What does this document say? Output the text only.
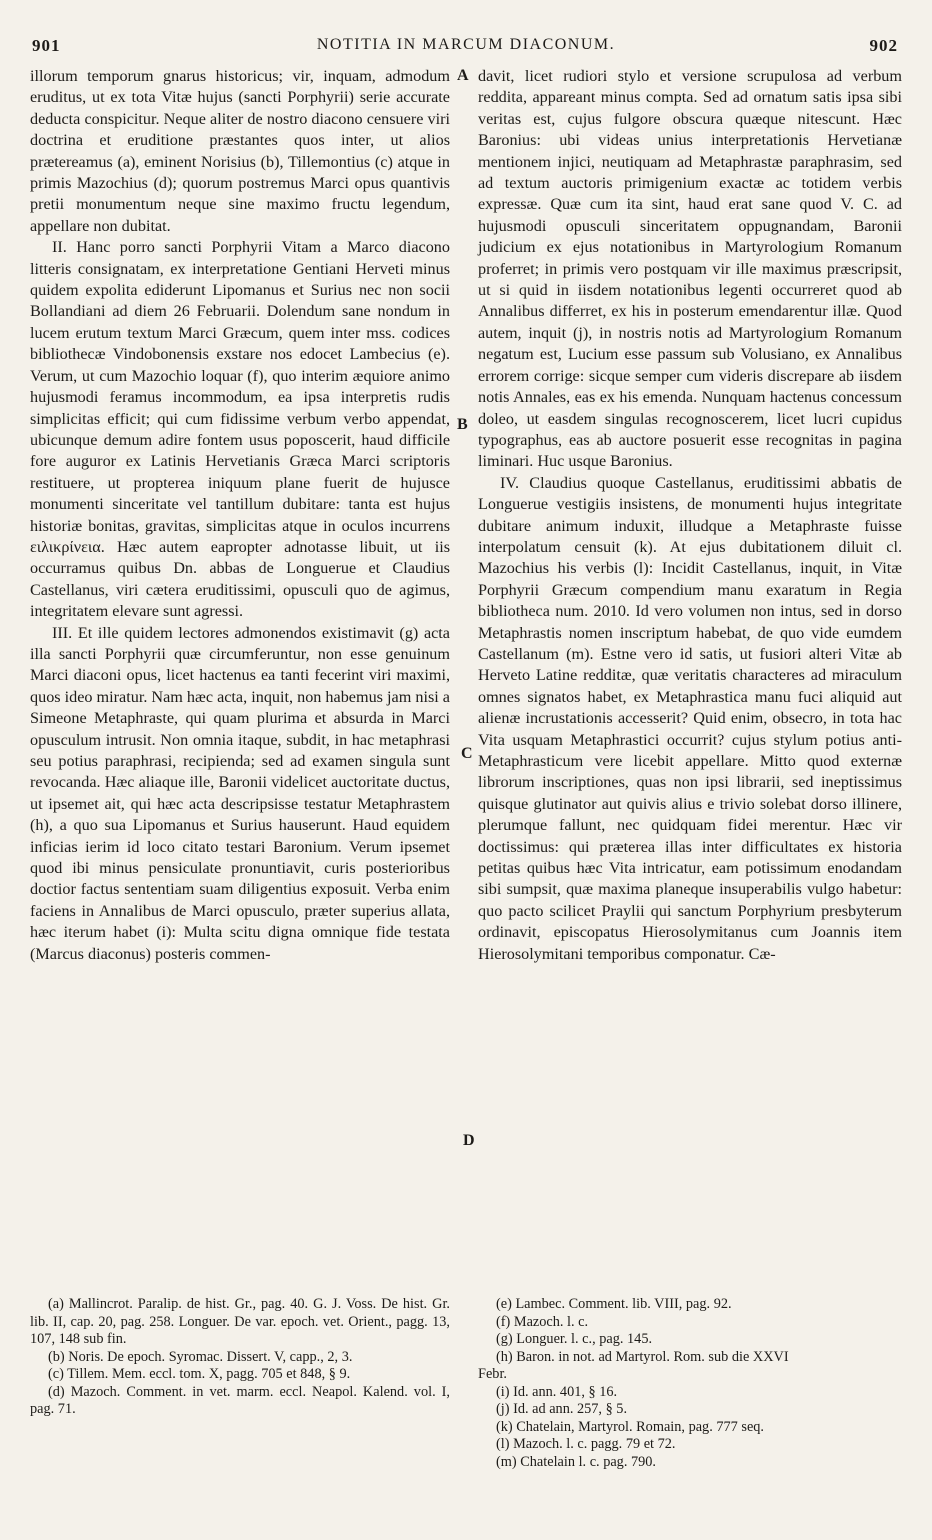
901	NOTITIA IN MARCUM DIACONUM.	902

illorum temporum gnarus historicus; vir, inquam, admodum eruditus, ut ex tota Vitæ hujus (sancti Porphyrii) serie accurate deducta conspicitur. Neque aliter de nostro diacono censuere viri doctrina et eruditione præstantes quos inter, ut alios prætereamus (a), eminent Norisius (b), Tillemontius (c) atque in primis Mazochius (d); quorum postremus Marci opus quantivis pretii monumentum neque sine maximo fructu legendum, appellare non dubitat.

II. Hanc porro sancti Porphyrii Vitam a Marco diacono litteris consignatam, ex interpretatione Gentiani Herveti minus quidem expolita ediderunt Lipomanus et Surius nec non socii Bollandiani ad diem 26 Februarii. Dolendum sane nondum in lucem erutum textum Marci Græcum, quem inter mss. codices bibliothecæ Vindobonensis exstare nos edocet Lambecius (e). Verum, ut cum Mazochio loquar (f), quo interim æquiore animo hujusmodi feramus incommodum, ea ipsa interpretis rudis simplicitas efficit; qui cum fidissime verbum verbo appendat, ubicunque demum adire fontem usus poposcerit, haud difficile fore auguror ex Latinis Hervetianis Græca Marci scriptoris restituere, ut propterea iniquum plane fuerit de hujusce monumenti sinceritate vel tantillum dubitare: tanta est hujus historiæ bonitas, gravitas, simplicitas atque in oculos incurrens ειλικρίνεια. Hæc autem eapropter adnotasse libuit, ut iis occurramus quibus Dn. abbas de Longuerue et Claudius Castellanus, viri cætera eruditissimi, opusculi quo de agimus, integritatem elevare sunt agressi.

III. Et ille quidem lectores admonendos existimavit (g) acta illa sancti Porphyrii quæ circumferuntur, non esse genuinum Marci diaconi opus, licet hactenus ea tanti fecerint viri maximi, quos ideo miratur. Nam hæc acta, inquit, non habemus jam nisi a Simeone Metaphraste, qui quam plurima et absurda in Marci opusculum intrusit. Non omnia itaque, subdit, in hac metaphrasi seu potius paraphrasi, recipienda; sed ad examen singula sunt revocanda. Hæc aliaque ille, Baronii videlicet auctoritate ductus, ut ipsemet ait, qui hæc acta descripsisse testatur Metaphrastem (h), a quo sua Lipomanus et Surius hauserunt. Haud equidem inficias ierim id loco citato testari Baronium. Verum ipsemet quod ibi minus pensiculate pronuntiavit, curis posterioribus doctior factus sententiam suam diligentius exposuit. Verba enim faciens in Annalibus de Marci opusculo, præter superius allata, hæc iterum habet (i): Multa scitu digna omnique fide testata (Marcus diaconus) posteris commen-

davit, licet rudiori stylo et versione scrupulosa ad verbum reddita, appareant minus compta. Sed ad ornatum satis ipsa sibi veritas est, cujus fulgore obscura quæque nitescunt. Hæc Baronius: ubi videas unius interpretationis Hervetianæ mentionem injici, neutiquam ad Metaphrastæ paraphrasim, sed ad textum auctoris primigenium exactæ ac totidem verbis expressæ. Quæ cum ita sint, haud erat sane quod V. C. ad hujusmodi opusculi sinceritatem oppugnandam, Baronii judicium ex ejus notationibus in Martyrologium Romanum proferret; in primis vero postquam vir ille maximus præscripsit, ut si quid in iisdem notationibus legenti occurreret quod ab Annalibus differret, ex his in posterum emendarentur illæ. Quod autem, inquit (j), in nostris notis ad Martyrologium Romanum negatum est, Lucium esse passum sub Volusiano, ex Annalibus errorem corrige: sicque semper cum videris discrepare ab iisdem notis Annales, eas ex his emenda. Nunquam hactenus concessum doleo, ut easdem singulas recognoscerem, licet lucri cupidus typographus, eas ab auctore posuerit esse recognitas in pagina liminari. Huc usque Baronius.

IV. Claudius quoque Castellanus, eruditissimi abbatis de Longuerue vestigiis insistens, de monumenti hujus integritate dubitare animum induxit, illudque a Metaphraste fuisse interpolatum censuit (k). At ejus dubitationem diluit cl. Mazochius his verbis (l): Incidit Castellanus, inquit, in Vitæ Porphyrii Græcum compendium manu exaratum in Regia bibliotheca num. 2010. Id vero volumen non intus, sed in dorso Metaphrastis nomen inscriptum habebat, de quo vide eumdem Castellanum (m). Estne vero id satis, ut fusiori alteri Vitæ ab Herveto Latine redditæ, quæ veritatis characteres ad miraculum omnes signatos habet, ex Metaphrastica manu fuci aliquid aut alienæ incrustationis accesserit? Quid enim, obsecro, in tota hac Vita usquam Metaphrastici occurrit? cujus stylum potius anti-Metaphrasticum vere licebit appellare. Mitto quod externæ librorum inscriptiones, quas non ipsi librarii, sed ineptissimus quisque glutinator aut quivis alius e trivio solebat dorso illinere, plerumque fallunt, nec quidquam fidei merentur. Hæc vir doctissimus: qui præterea illas inter difficultates ex historia petitas quibus hæc Vita intricatur, eam potissimum enodandam sibi sumpsit, quæ maxima planeque insuperabilis vulgo habetur: quo pacto scilicet Praylii qui sanctum Porphyrium presbyterum ordinavit, episcopatus Hierosolymitanus cum Joannis item Hierosolymitani temporibus componatur. Cæ-

A
B
C
D

(a) Mallincrot. Paralip. de hist. Gr., pag. 40. G. J. Voss. De hist. Gr. lib. II, cap. 20, pag. 258. Longuer. De var. epoch. vet. Orient., pagg. 13, 107, 148 sub fin.

(b) Noris. De epoch. Syromac. Dissert. V, capp., 2, 3.

(c) Tillem. Mem. eccl. tom. X, pagg. 705 et 848, § 9.

(d) Mazoch. Comment. in vet. marm. eccl. Neapol. Kalend. vol. I, pag. 71.

(e) Lambec. Comment. lib. VIII, pag. 92.

(f) Mazoch. l. c.

(g) Longuer. l. c., pag. 145.

(h) Baron. in not. ad Martyrol. Rom. sub die XXVI
Febr.

(i) Id. ann. 401, § 16.

(j) Id. ad ann. 257, § 5.

(k) Chatelain, Martyrol. Romain, pag. 777 seq.

(l) Mazoch. l. c. pagg. 79 et 72.

(m) Chatelain l. c. pag. 790.
